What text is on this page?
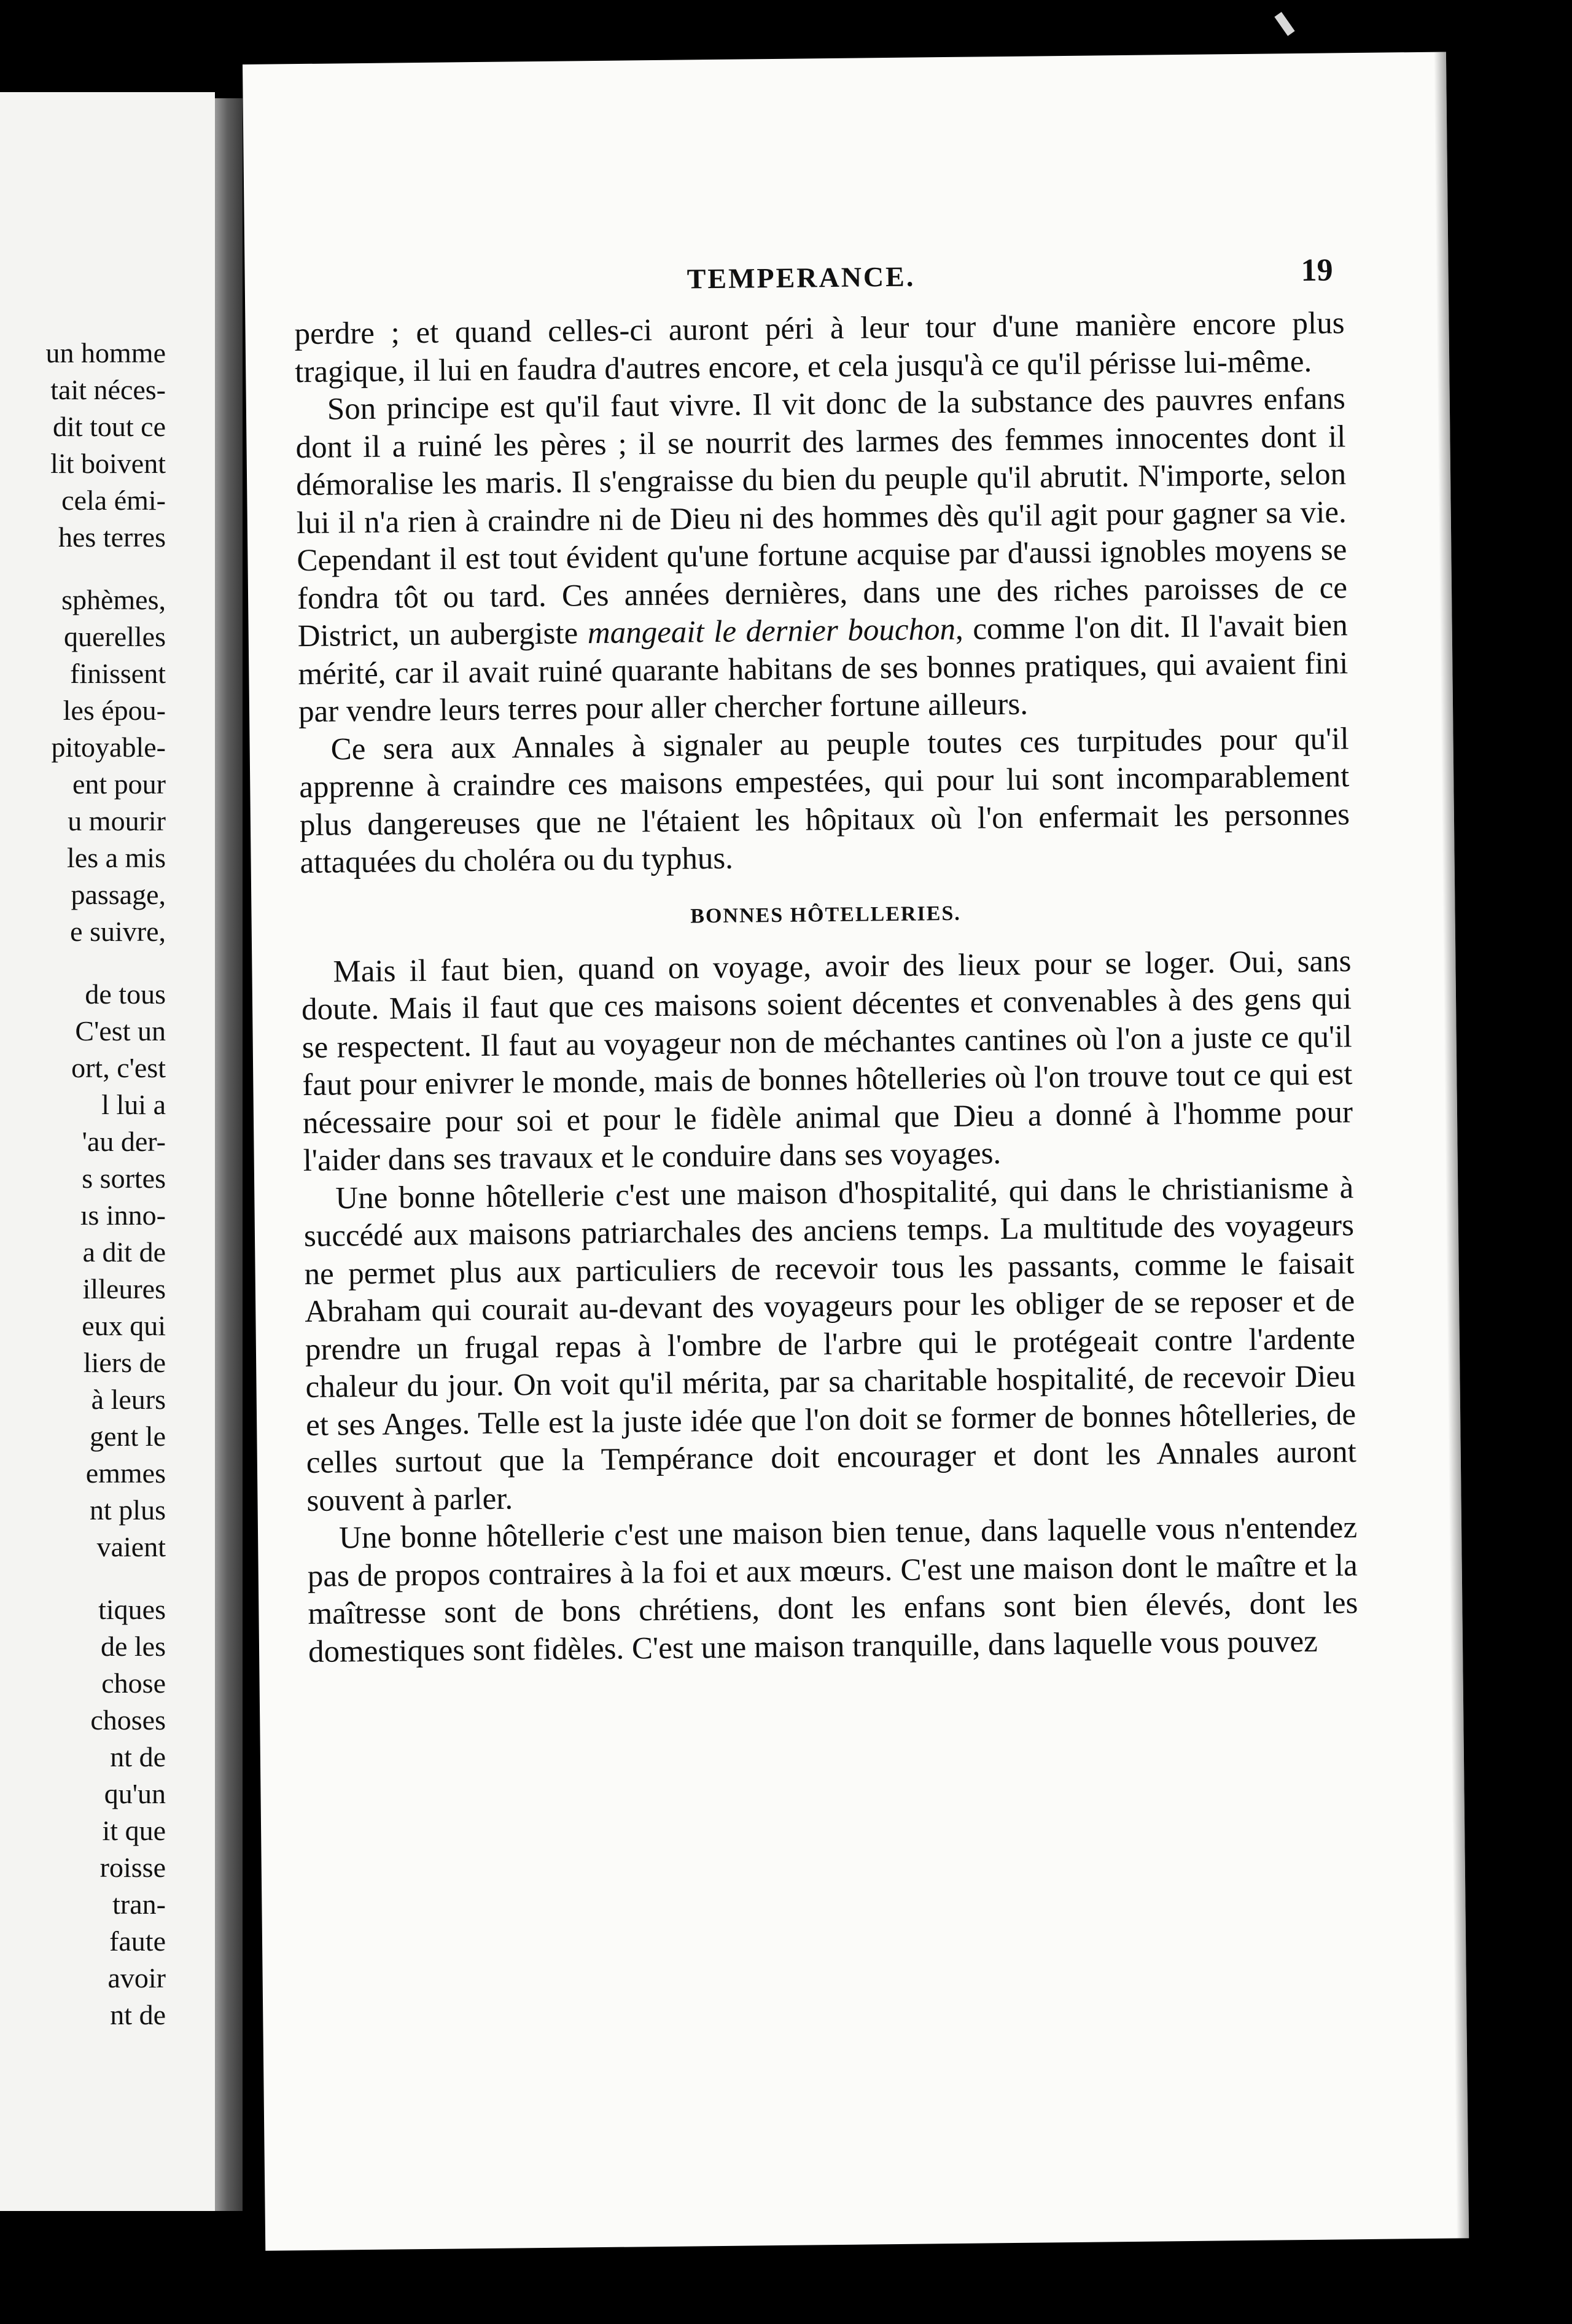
un homme
tait néces-
dit tout ce
lit boivent
cela émi-
hes terres
sphèmes,
querelles
finissent
les épou-
pitoyable-
ent pour
u mourir
les a mis
passage,
e suivre,
de tous
C'est un
ort, c'est
l lui a
'au der-
s sortes
ıs inno-
a dit de
illeures
eux qui
liers de
à leurs
gent le
emmes
nt plus
vaient
tiques
de les
chose
choses
nt de
qu'un
it que
roisse
tran-
faute
avoir
nt de
TEMPERANCE.	19

perdre ; et quand celles-ci auront péri à leur tour d'une manière encore plus tragique, il lui en faudra d'autres encore, et cela jusqu'à ce qu'il périsse lui-même.

Son principe est qu'il faut vivre. Il vit donc de la substance des pauvres enfans dont il a ruiné les pères ; il se nourrit des larmes des femmes innocentes dont il démoralise les maris. Il s'engraisse du bien du peuple qu'il abrutit. N'importe, selon lui il n'a rien à craindre ni de Dieu ni des hommes dès qu'il agit pour gagner sa vie. Cependant il est tout évident qu'une fortune acquise par d'aussi ignobles moyens se fondra tôt ou tard. Ces années dernières, dans une des riches paroisses de ce District, un aubergiste mangeait le dernier bouchon, comme l'on dit. Il l'avait bien mérité, car il avait ruiné quarante habitans de ses bonnes pratiques, qui avaient fini par vendre leurs terres pour aller chercher fortune ailleurs.

Ce sera aux Annales à signaler au peuple toutes ces turpitudes pour qu'il apprenne à craindre ces maisons empestées, qui pour lui sont incomparablement plus dangereuses que ne l'étaient les hôpitaux où l'on enfermait les personnes attaquées du choléra ou du typhus.

BONNES HÔTELLERIES.

Mais il faut bien, quand on voyage, avoir des lieux pour se loger. Oui, sans doute. Mais il faut que ces maisons soient décentes et convenables à des gens qui se respectent. Il faut au voyageur non de méchantes cantines où l'on a juste ce qu'il faut pour enivrer le monde, mais de bonnes hôtelleries où l'on trouve tout ce qui est nécessaire pour soi et pour le fidèle animal que Dieu a donné à l'homme pour l'aider dans ses travaux et le conduire dans ses voyages.

Une bonne hôtellerie c'est une maison d'hospitalité, qui dans le christianisme à succédé aux maisons patriarchales des anciens temps. La multitude des voyageurs ne permet plus aux particuliers de recevoir tous les passants, comme le faisait Abraham qui courait au-devant des voyageurs pour les obliger de se reposer et de prendre un frugal repas à l'ombre de l'arbre qui le protégeait contre l'ardente chaleur du jour. On voit qu'il mérita, par sa charitable hospitalité, de recevoir Dieu et ses Anges. Telle est la juste idée que l'on doit se former de bonnes hôtelleries, de celles surtout que la Tempérance doit encourager et dont les Annales auront souvent à parler.

Une bonne hôtellerie c'est une maison bien tenue, dans laquelle vous n'entendez pas de propos contraires à la foi et aux mœurs. C'est une maison dont le maître et la maîtresse sont de bons chrétiens, dont les enfans sont bien élevés, dont les domestiques sont fidèles. C'est une maison tranquille, dans laquelle vous pouvez
